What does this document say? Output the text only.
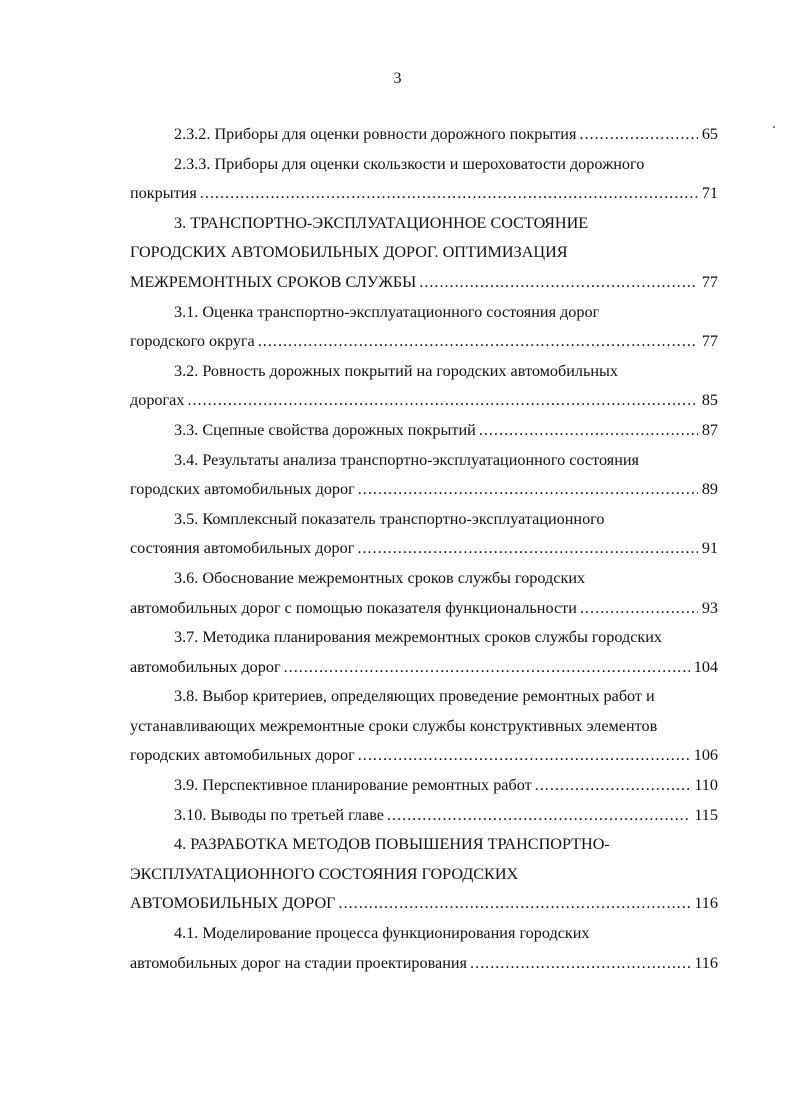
3
2.3.2. Приборы для оценки ровности дорожного покрытия .....	65
2.3.3. Приборы для оценки скользкости и шероховатости дорожного
покрытия .....	71
3. ТРАНСПОРТНО-ЭКСПЛУАТАЦИОННОЕ СОСТОЯНИЕ
ГОРОДСКИХ АВТОМОБИЛЬНЫХ ДОРОГ. ОПТИМИЗАЦИЯ
МЕЖРЕМОНТНЫХ СРОКОВ СЛУЖБЫ .....	77
3.1. Оценка транспортно-эксплуатационного состояния дорог
городского округа .....	77
3.2. Ровность дорожных покрытий на городских автомобильных
дорогах .....	85
3.3. Сцепные свойства дорожных покрытий .....	87
3.4. Результаты анализа транспортно-эксплуатационного состояния
городских автомобильных дорог .....	89
3.5. Комплексный показатель транспортно-эксплуатационного
состояния автомобильных дорог .....	91
3.6. Обоснование межремонтных сроков службы городских
автомобильных дорог с помощью показателя функциональности .....	93
3.7. Методика планирования межремонтных сроков службы городских
автомобильных дорог .....	104
3.8. Выбор критериев, определяющих проведение ремонтных работ и
устанавливающих межремонтные сроки службы конструктивных элементов
городских автомобильных дорог .....	106
3.9. Перспективное планирование ремонтных работ .....	110
3.10. Выводы по третьей главе .....	115
4. РАЗРАБОТКА МЕТОДОВ ПОВЫШЕНИЯ ТРАНСПОРТНО-
ЭКСПЛУАТАЦИОННОГО СОСТОЯНИЯ ГОРОДСКИХ
АВТОМОБИЛЬНЫХ ДОРОГ .....	116
4.1. Моделирование процесса функционирования городских
автомобильных дорог на стадии проектирования .....	116
